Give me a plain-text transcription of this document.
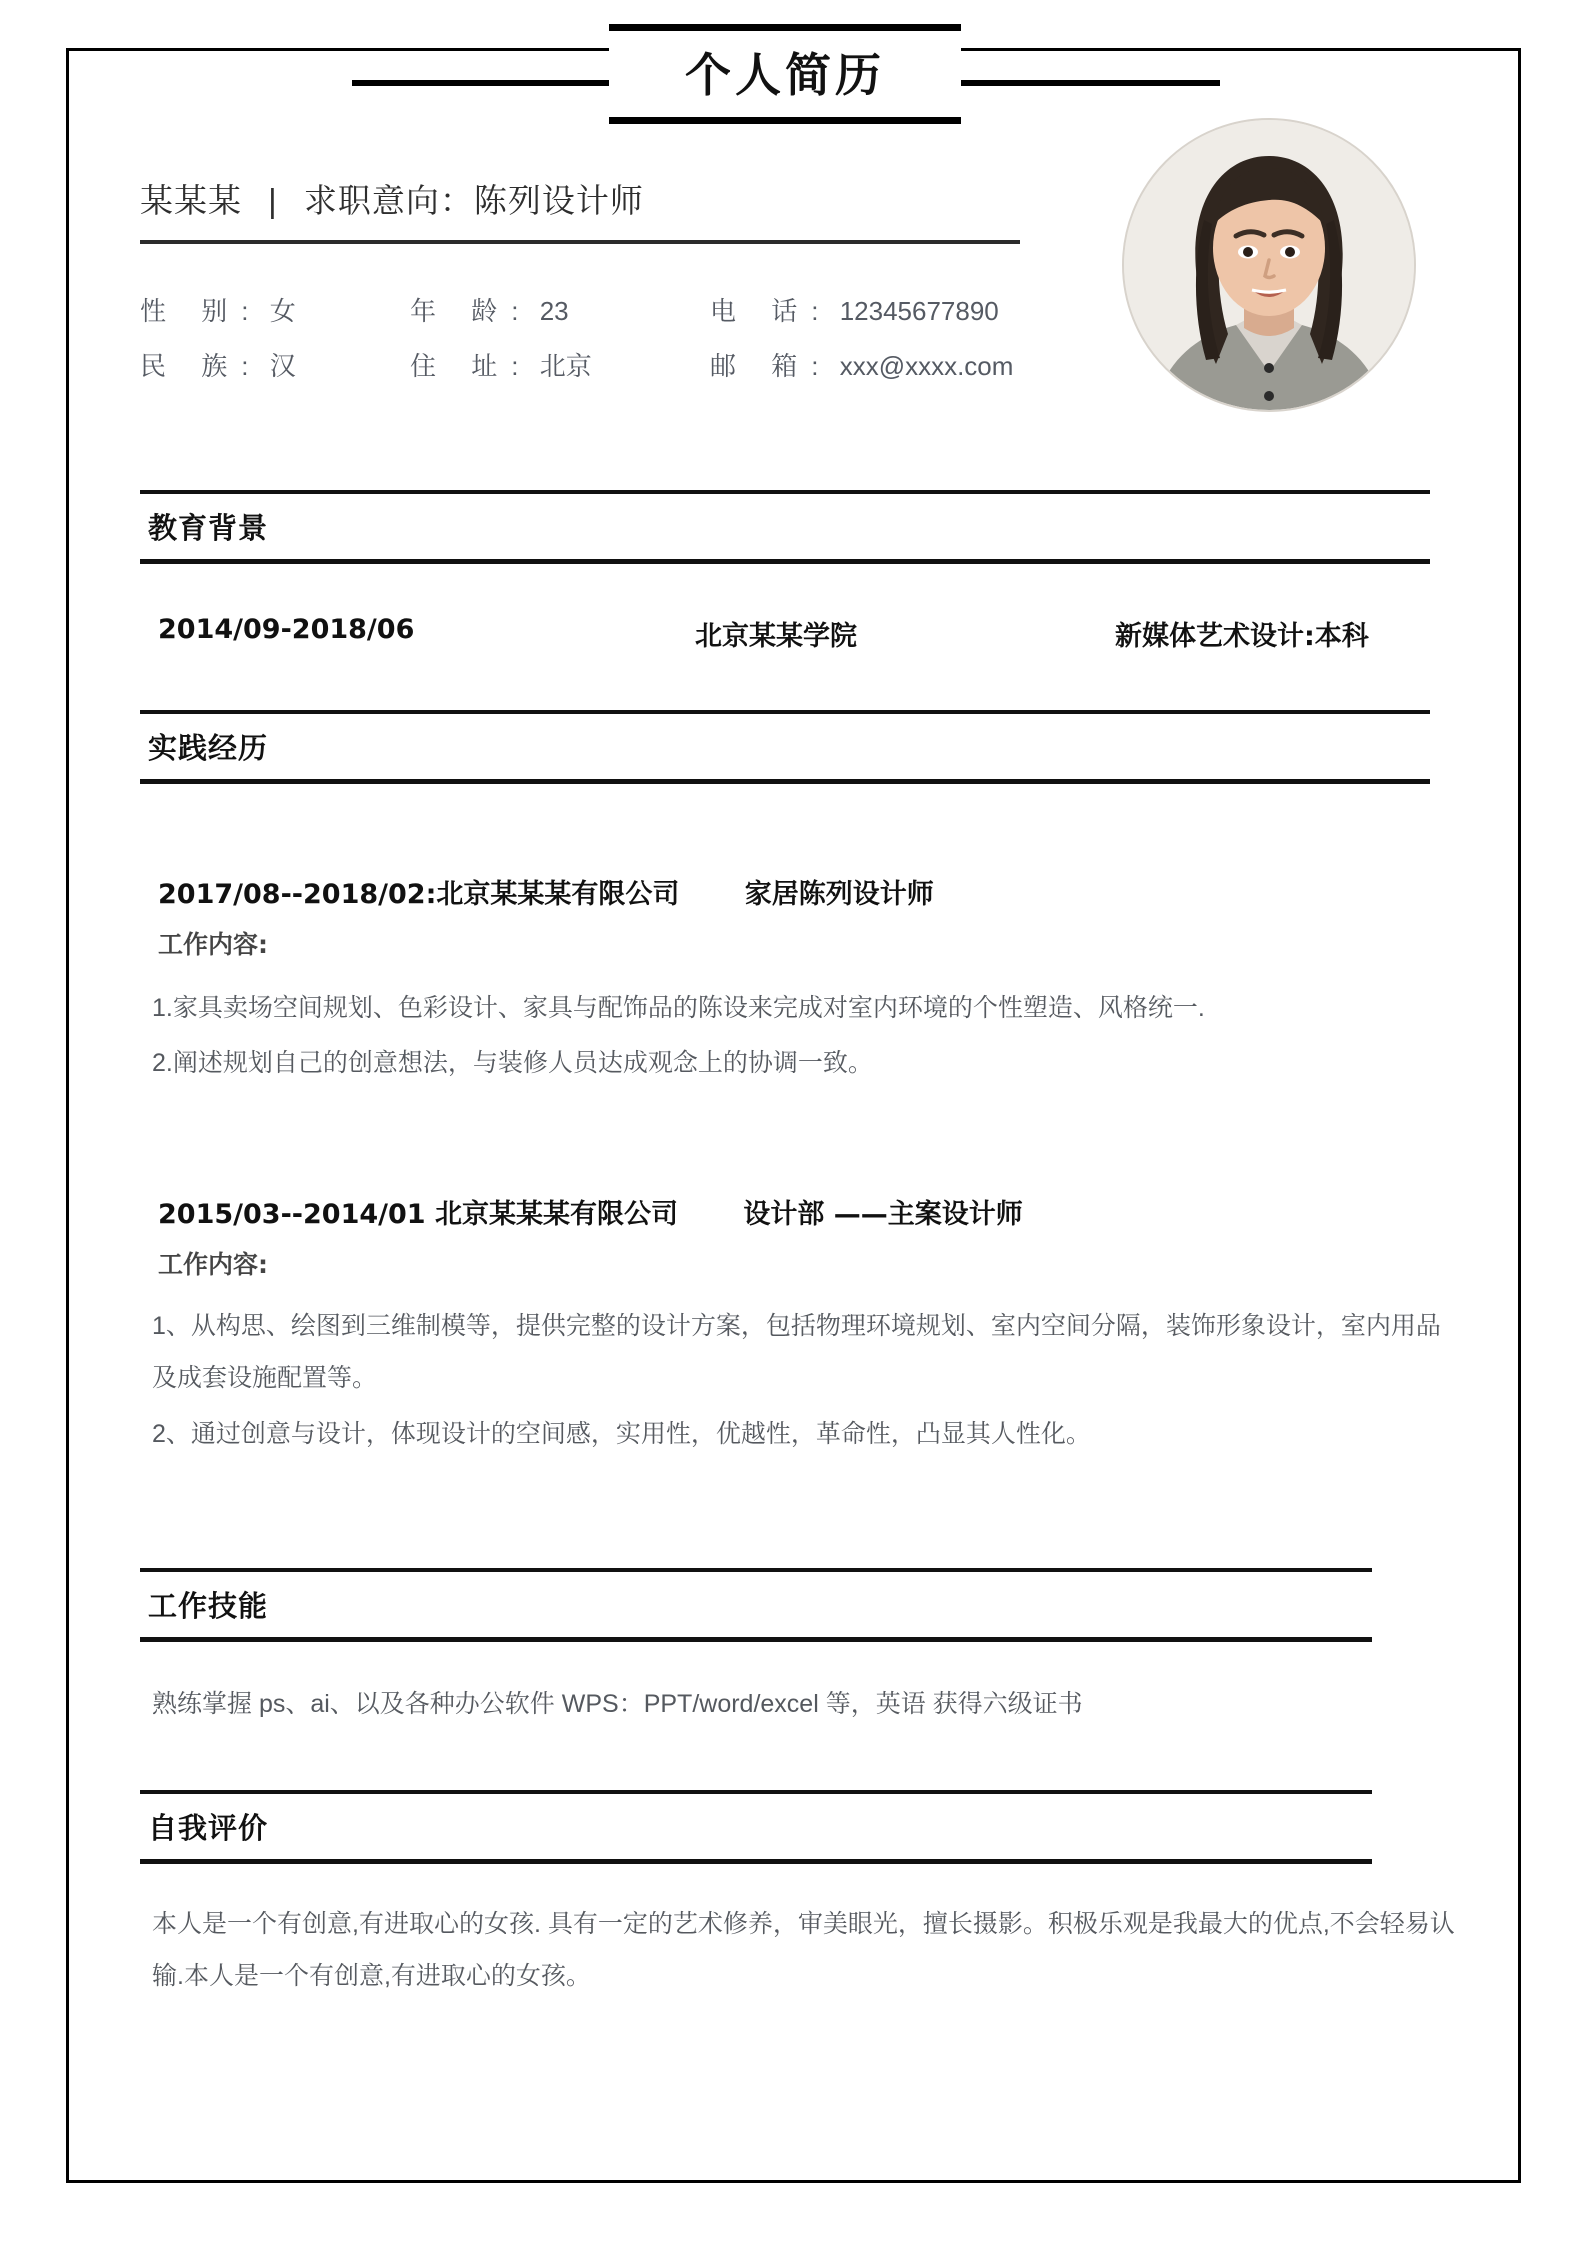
个人简历
某某某 | 求职意向：陈列设计师
性 别: 女	年 龄: 23	电 话: 12345677890
民 族: 汉	住 址: 北京	邮 箱: xxx@xxxx.com
教育背景
2014/09-2018/06	北京某某学院	新媒体艺术设计:本科
实践经历
2017/08--2018/02:北京某某某有限公司 家居陈列设计师
工作内容:
1.家具卖场空间规划、色彩设计、家具与配饰品的陈设来完成对室内环境的个性塑造、风格统一.
2.阐述规划自己的创意想法，与装修人员达成观念上的协调一致。
2015/03--2014/01 北京某某某有限公司 设计部 ——主案设计师
工作内容:
1、从构思、绘图到三维制模等，提供完整的设计方案，包括物理环境规划、室内空间分隔，装饰形象设计，室内用品及成套设施配置等。
2、通过创意与设计，体现设计的空间感，实用性，优越性，革命性，凸显其人性化。
工作技能
熟练掌握 ps、ai、以及各种办公软件 WPS：PPT/word/excel 等，英语 获得六级证书
自我评价
本人是一个有创意,有进取心的女孩. 具有一定的艺术修养，审美眼光，擅长摄影。积极乐观是我最大的优点,不会轻易认输.本人是一个有创意,有进取心的女孩。
